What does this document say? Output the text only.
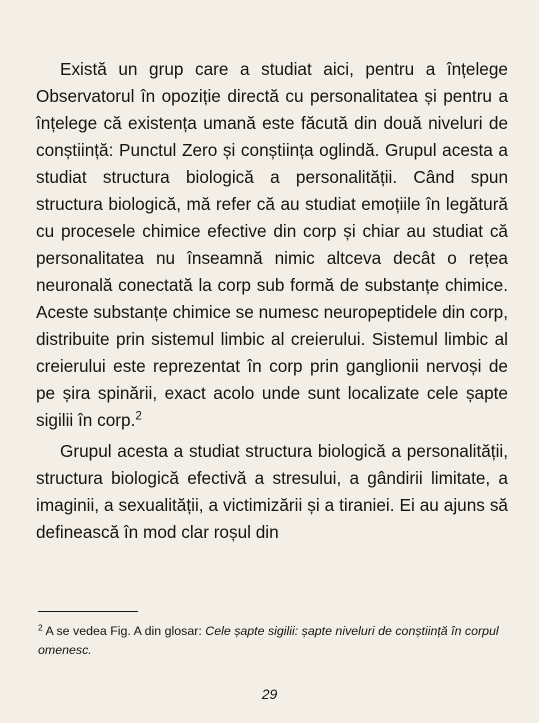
Există un grup care a studiat aici, pentru a înțelege Observatorul în opoziție directă cu personalitatea și pentru a înțelege că existența umană este făcută din două niveluri de conștiință: Punctul Zero și conștiința oglindă. Grupul acesta a studiat structura biologică a personalității. Când spun structura biologică, mă refer că au studiat emoțiile în legătură cu procesele chimice efective din corp și chiar au studiat că personalitatea nu înseamnă nimic altceva decât o rețea neuronală conectată la corp sub formă de substanțe chimice. Aceste substanțe chimice se numesc neuropeptidele din corp, distribuite prin sistemul limbic al creierului. Sistemul limbic al creierului este reprezentat în corp prin ganglionii nervoși de pe șira spinării, exact acolo unde sunt localizate cele șapte sigilii în corp.$^2$

Grupul acesta a studiat structura biologică a personalității, structura biologică efectivă a stresului, a gândirii limitate, a imaginii, a sexualității, a victimizării și a tiraniei. Ei au ajuns să definească în mod clar roșul din

$^2$ A se vedea Fig. A din glosar: Cele șapte sigilii: șapte niveluri de conștiință în corpul omenesc.
29
